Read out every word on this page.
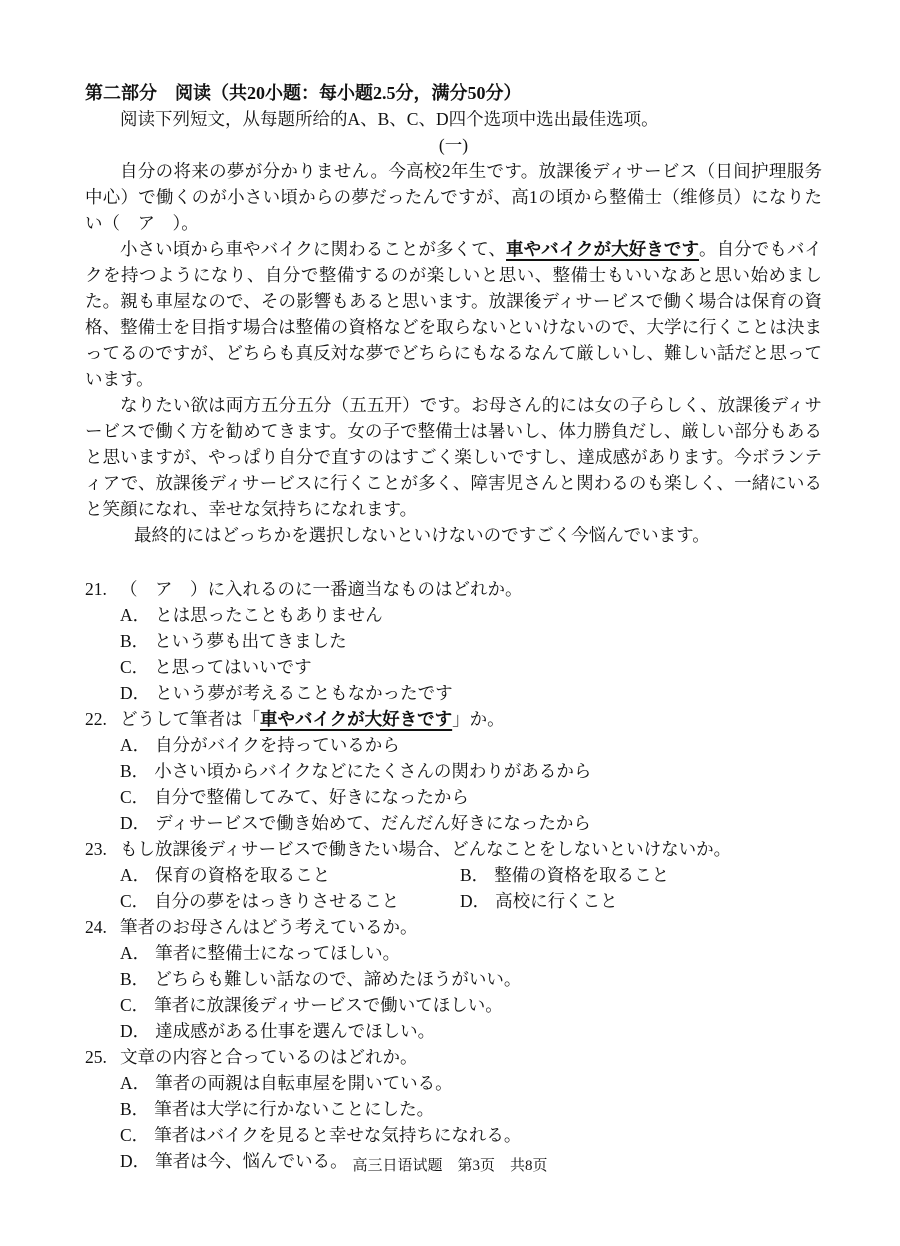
第二部分　阅读（共20小题：每小题2.5分，满分50分）
阅读下列短文，从每题所给的A、B、C、D四个选项中选出最佳选项。
(一)

自分の将来の夢が分かりません。今高校2年生です。放課後ディサービス（日间护理服务中心）で働くのが小さい頃からの夢だったんですが、高1の頃から整備士（维修员）になりたい（　ア　）。

小さい頃から車やバイクに関わることが多くて、車やバイクが大好きです。自分でもバイクを持つようになり、自分で整備するのが楽しいと思い、整備士もいいなあと思い始めました。親も車屋なので、その影響もあると思います。放課後ディサービスで働く場合は保育の資格、整備士を目指す場合は整備の資格などを取らないといけないので、大学に行くことは決まってるのですが、どちらも真反対な夢でどちらにもなるなんて厳しいし、難しい話だと思っています。

なりたい欲は両方五分五分（五五开）です。お母さん的には女の子らしく、放課後ディサービスで働く方を勧めてきます。女の子で整備士は暑いし、体力勝負だし、厳しい部分もあると思いますが、やっぱり自分で直すのはすごく楽しいですし、達成感があります。今ボランティアで、放課後ディサービスに行くことが多く、障害児さんと関わるのも楽しく、一緒にいると笑顔になれ、幸せな気持ちになれます。

最終的にはどっちかを選択しないといけないのですごく今悩んでいます。

21. （　ア　）に入れるのに一番適当なものはどれか。
A． とは思ったこともありません
B． という夢も出てきました
C． と思ってはいいです
D． という夢が考えることもなかったです
22. どうして筆者は「車やバイクが大好きです」か。
A． 自分がバイクを持っているから
B． 小さい頃からバイクなどにたくさんの関わりがあるから
C． 自分で整備してみて、好きになったから
D． ディサービスで働き始めて、だんだん好きになったから
23. もし放課後ディサービスで働きたい場合、どんなことをしないといけないか。
A． 保育の資格を取ること	B． 整備の資格を取ること
C． 自分の夢をはっきりさせること	D． 高校に行くこと
24. 筆者のお母さんはどう考えているか。
A． 筆者に整備士になってほしい。
B． どちらも難しい話なので、諦めたほうがいい。
C． 筆者に放課後ディサービスで働いてほしい。
D． 達成感がある仕事を選んでほしい。
25. 文章の内容と合っているのはどれか。
A． 筆者の両親は自転車屋を開いている。
B． 筆者は大学に行かないことにした。
C． 筆者はバイクを見ると幸せな気持ちになれる。
D． 筆者は今、悩んでいる。 高三日语试题　第3页　共8页
